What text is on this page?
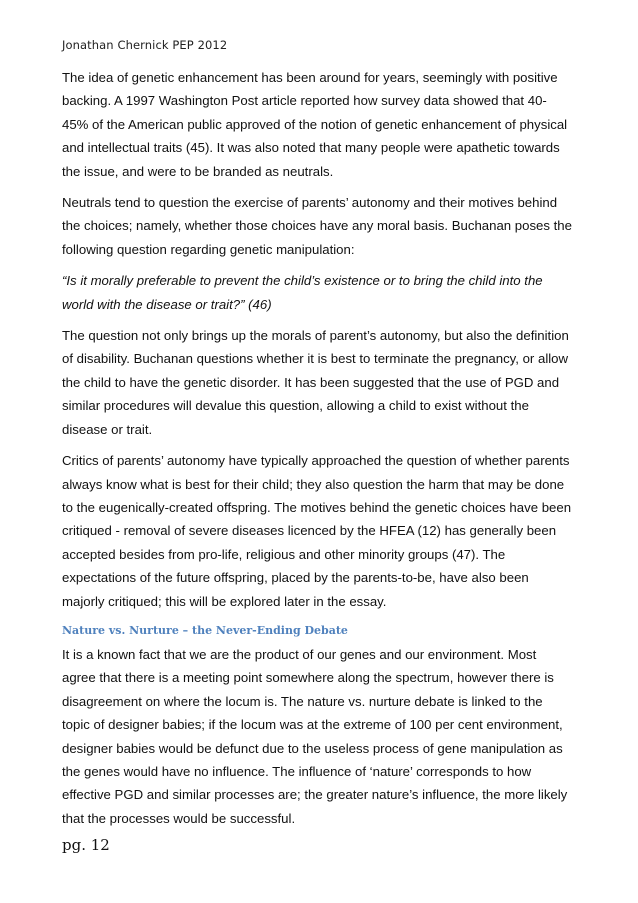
Jonathan Chernick PEP 2012

The idea of genetic enhancement has been around for years, seemingly with positive backing. A 1997 Washington Post article reported how survey data showed that 40-45% of the American public approved of the notion of genetic enhancement of physical and intellectual traits (45). It was also noted that many people were apathetic towards the issue, and were to be branded as neutrals.

Neutrals tend to question the exercise of parents’ autonomy and their motives behind the choices; namely, whether those choices have any moral basis. Buchanan poses the following question regarding genetic manipulation:

“Is it morally preferable to prevent the child’s existence or to bring the child into the world with the disease or trait?” (46)

The question not only brings up the morals of parent’s autonomy, but also the definition of disability. Buchanan questions whether it is best to terminate the pregnancy, or allow the child to have the genetic disorder. It has been suggested that the use of PGD and similar procedures will devalue this question, allowing a child to exist without the disease or trait.

Critics of parents’ autonomy have typically approached the question of whether parents always know what is best for their child; they also question the harm that may be done to the eugenically-created offspring. The motives behind the genetic choices have been critiqued - removal of severe diseases licenced by the HFEA (12) has generally been accepted besides from pro-life, religious and other minority groups (47). The expectations of the future offspring, placed by the parents-to-be, have also been majorly critiqued; this will be explored later in the essay.

Nature vs. Nurture – the Never-Ending Debate

It is a known fact that we are the product of our genes and our environment. Most agree that there is a meeting point somewhere along the spectrum, however there is disagreement on where the locum is. The nature vs. nurture debate is linked to the topic of designer babies; if the locum was at the extreme of 100 per cent environment, designer babies would be defunct due to the useless process of gene manipulation as the genes would have no influence. The influence of ‘nature’ corresponds to how effective PGD and similar processes are; the greater nature’s influence, the more likely that the processes would be successful.

pg. 12
